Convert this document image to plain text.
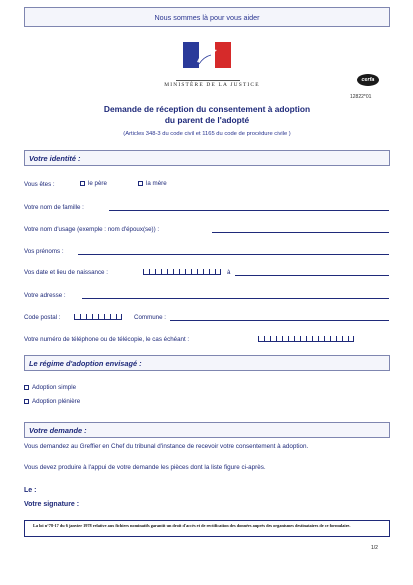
Nous sommes là pour vous aider
MINISTÈRE DE LA JUSTICE
cerfa
12822*01
Demande de réception du consentement à adoption
du parent de l'adopté
(Articles 348-3 du code civil et 1165 du code de procédure civile )
Votre identité :
Vous êtes :	le père	la mère
Votre nom de famille :
Votre nom d'usage (exemple : nom d'époux(se)) :
Vos prénoms :
Vos date et lieu de naissance :	à
Votre adresse :
Code postal :	Commune :
Votre numéro de téléphone ou de télécopie, le cas échéant :
Le régime d'adoption envisagé :
Adoption simple
Adoption plénière
Votre demande :
Vous demandez au Greffier en Chef du tribunal d'instance de recevoir votre consentement à adoption.
Vous devez produire à l'appui de votre demande les pièces dont la liste figure ci-après.
Le :
Votre signature :
La loi n°78-17 du 6 janvier 1978 relative aux fichiers nominatifs garantit un droit d'accès et de rectification des données auprès des organismes destinataires de ce formulaire.
1/2
